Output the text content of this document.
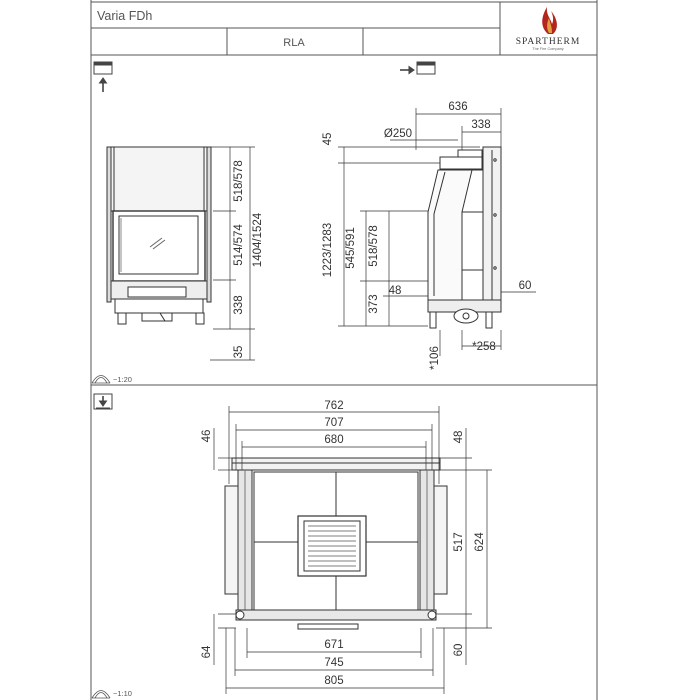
Varia FDh
RLA	SPARTHERM
The Fire Company
~1:20
~1:10
518/578
514/574 1404/1524
338
35
636
338
Ø250
45
1223/1283 545/591 518/578
48
373
60
*106	*258
762
707
680
671
745
805
46
64
48
517 624
60
